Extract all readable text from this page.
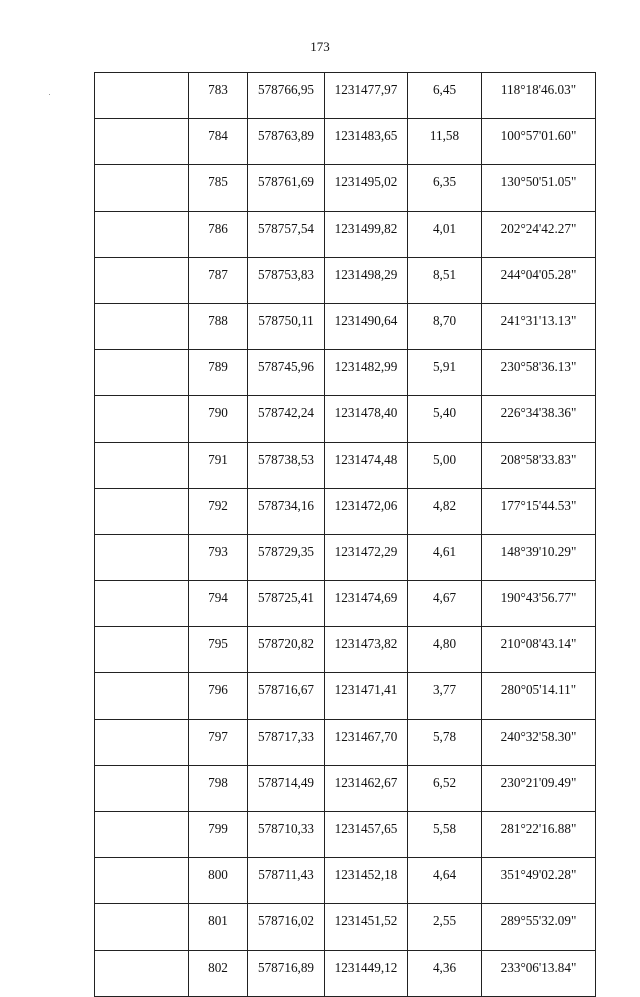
173
	783	578766,95	1231477,97	6,45	118°18'46.03"
	784	578763,89	1231483,65	11,58	100°57'01.60"
	785	578761,69	1231495,02	6,35	130°50'51.05"
	786	578757,54	1231499,82	4,01	202°24'42.27"
	787	578753,83	1231498,29	8,51	244°04'05.28"
	788	578750,11	1231490,64	8,70	241°31'13.13"
	789	578745,96	1231482,99	5,91	230°58'36.13"
	790	578742,24	1231478,40	5,40	226°34'38.36"
	791	578738,53	1231474,48	5,00	208°58'33.83"
	792	578734,16	1231472,06	4,82	177°15'44.53"
	793	578729,35	1231472,29	4,61	148°39'10.29"
	794	578725,41	1231474,69	4,67	190°43'56.77"
	795	578720,82	1231473,82	4,80	210°08'43.14"
	796	578716,67	1231471,41	3,77	280°05'14.11"
	797	578717,33	1231467,70	5,78	240°32'58.30"
	798	578714,49	1231462,67	6,52	230°21'09.49"
	799	578710,33	1231457,65	5,58	281°22'16.88"
	800	578711,43	1231452,18	4,64	351°49'02.28"
	801	578716,02	1231451,52	2,55	289°55'32.09"
	802	578716,89	1231449,12	4,36	233°06'13.84"
